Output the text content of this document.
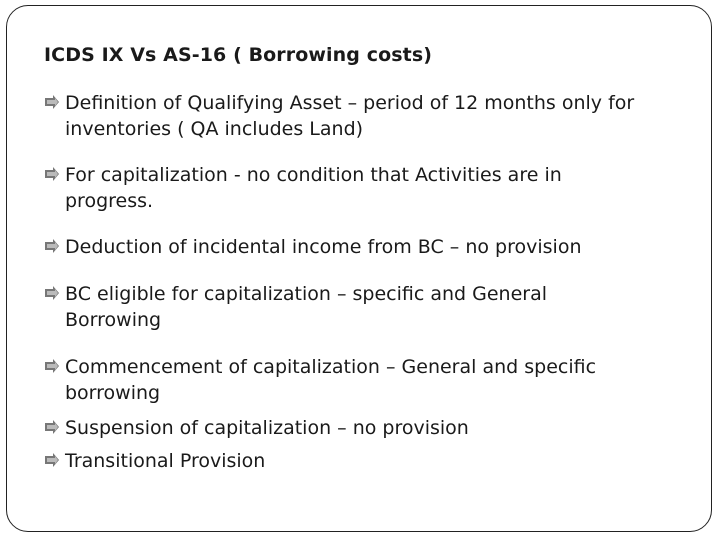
ICDS IX Vs AS-16 ( Borrowing costs)
Definition of Qualifying Asset – period of 12 months only for
inventories ( QA includes Land)
For capitalization - no condition that Activities are in
progress.
Deduction of incidental income from BC – no provision
BC eligible for capitalization – specific and General
Borrowing
Commencement of capitalization – General and specific
borrowing
Suspension of capitalization – no provision
Transitional Provision
